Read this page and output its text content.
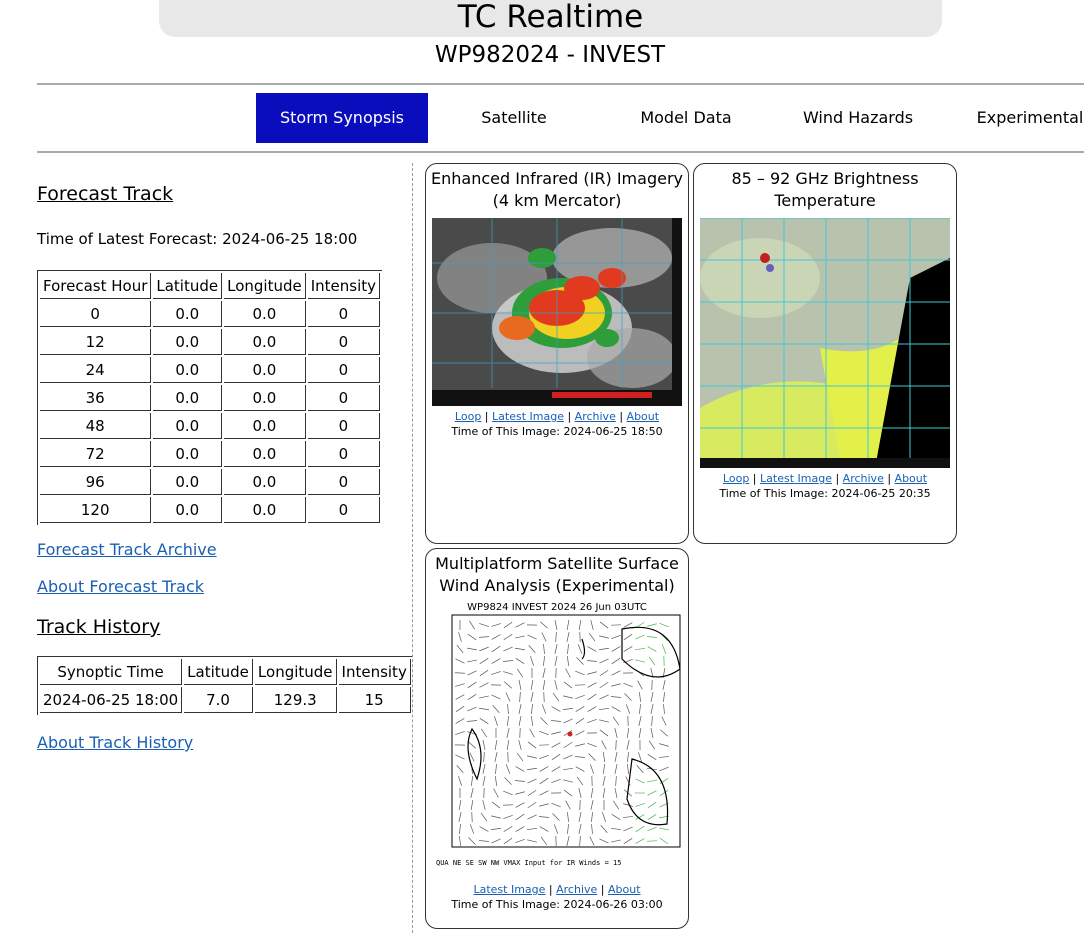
TC Realtime
WP982024 - INVEST
Storm Synopsis	Satellite	Model Data	Wind Hazards	Experimental
Forecast Track
Time of Latest Forecast: 2024-06-25 18:00
Forecast Hour	Latitude	Longitude	Intensity
0	0.0	0.0	0
12	0.0	0.0	0
24	0.0	0.0	0
36	0.0	0.0	0
48	0.0	0.0	0
72	0.0	0.0	0
96	0.0	0.0	0
120	0.0	0.0	0
Forecast Track Archive
About Forecast Track
Track History
Synoptic Time	Latitude	Longitude	Intensity
2024-06-25 18:00	7.0	129.3	15
About Track History
Enhanced Infrared (IR) Imagery (4 km Mercator)
Loop | Latest Image | Archive | About
Time of This Image: 2024-06-25 18:50
85 – 92 GHz Brightness Temperature
Loop | Latest Image | Archive | About
Time of This Image: 2024-06-25 20:35
Multiplatform Satellite Surface Wind Analysis (Experimental)
WP9824 INVEST 2024 26 Jun 03UTC
QUA NE SE SW NW VMAX Input for IR Winds = 15
Latest Image | Archive | About
Time of This Image: 2024-06-26 03:00
